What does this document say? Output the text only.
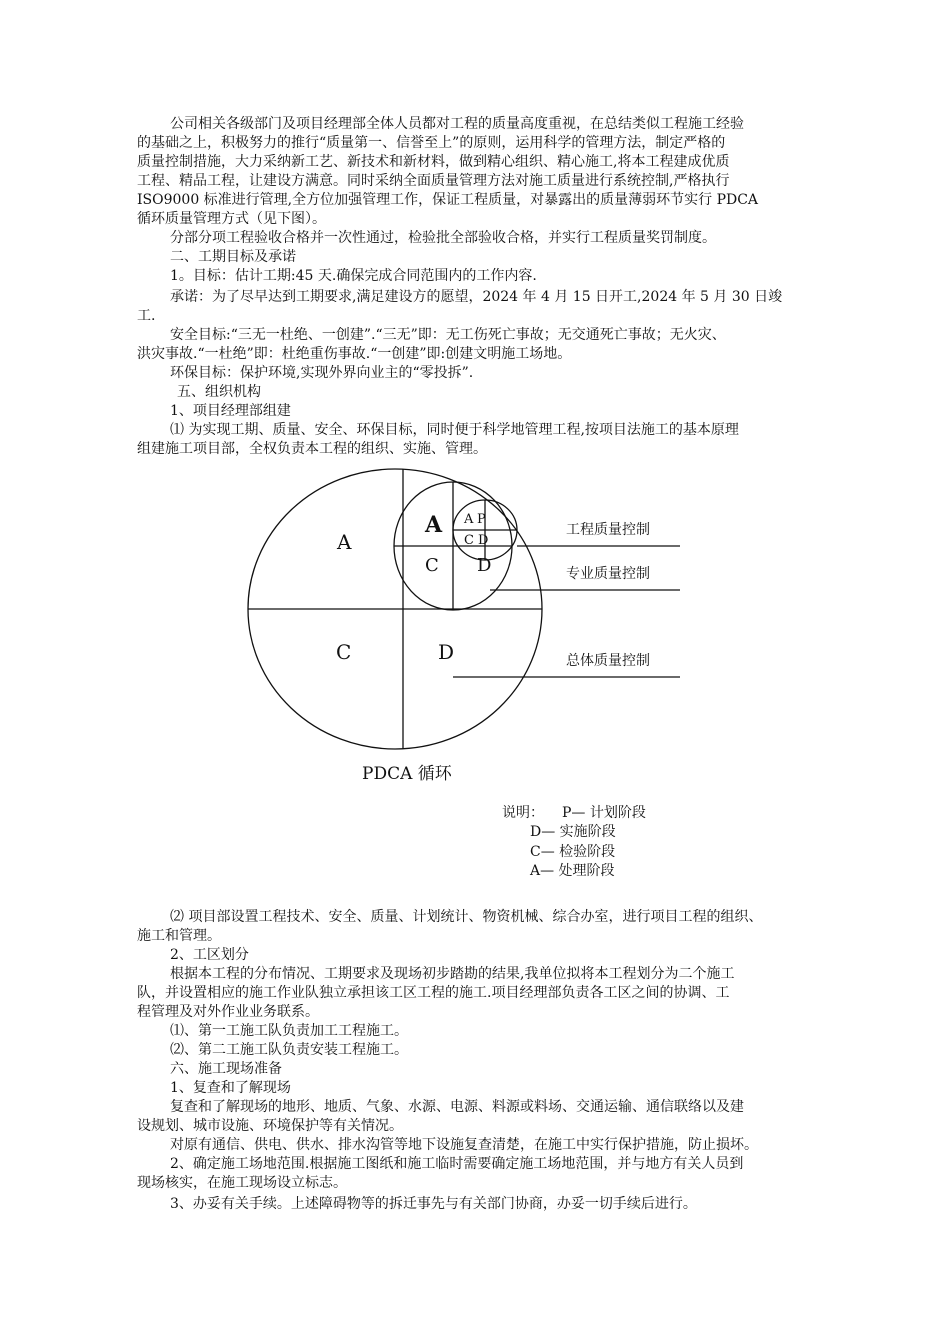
公司相关各级部门及项目经理部全体人员都对工程的质量高度重视，在总结类似工程施工经验
的基础之上，积极努力的推行“质量第一、信誉至上”的原则，运用科学的管理方法，制定严格的
质量控制措施，大力采纳新工艺、新技术和新材料，做到精心组织、精心施工,将本工程建成优质
工程、精品工程，让建设方满意。同时采纳全面质量管理方法对施工质量进行系统控制,严格执行
ISO9000 标准进行管理,全方位加强管理工作，保证工程质量，对暴露出的质量薄弱环节实行 PDCA
循环质量管理方式（见下图）。
分部分项工程验收合格并一次性通过，检验批全部验收合格，并实行工程质量奖罚制度。
二、工期目标及承诺
1。目标：估计工期:45 天.确保完成合同范围内的工作内容.
承诺：为了尽早达到工期要求,满足建设方的愿望，2024 年 4 月 15 日开工,2024 年 5 月 30 日竣
工.
安全目标:“三无一杜绝、一创建”.“三无”即：无工伤死亡事故；无交通死亡事故；无火灾、
洪灾事故.“一杜绝”即：杜绝重伤事故.“一创建”即:创建文明施工场地。
环保目标：保护环境,实现外界向业主的“零投拆”.
五、组织机构
1、项目经理部组建
⑴ 为实现工期、质量、安全、环保目标，同时便于科学地管理工程,按项目法施工的基本原理
组建施工项目部，全权负责本工程的组织、实施、管理。
A
C	D
A
C D
A P
C D
工程质量控制
专业质量控制
总体质量控制
PDCA 循环
说明： P— 计划阶段
D— 实施阶段
C— 检验阶段
A— 处理阶段
⑵ 项目部设置工程技术、安全、质量、计划统计、物资机械、综合办室，进行项目工程的组织、
施工和管理。
2、工区划分
根据本工程的分布情况、工期要求及现场初步踏勘的结果,我单位拟将本工程划分为二个施工
队，并设置相应的施工作业队独立承担该工区工程的施工.项目经理部负责各工区之间的协调、工
程管理及对外作业业务联系。
⑴、第一工施工队负责加工工程施工。
⑵、第二工施工队负责安装工程施工。
六、施工现场准备
1、复查和了解现场
复查和了解现场的地形、地质、气象、水源、电源、料源或料场、交通运输、通信联络以及建
设规划、城市设施、环境保护等有关情况。
对原有通信、供电、供水、排水沟管等地下设施复查清楚，在施工中实行保护措施，防止损坏。
2、确定施工场地范围.根据施工图纸和施工临时需要确定施工场地范围，并与地方有关人员到
现场核实，在施工现场设立标志。
3、办妥有关手续。上述障碍物等的拆迁事先与有关部门协商，办妥一切手续后进行。
